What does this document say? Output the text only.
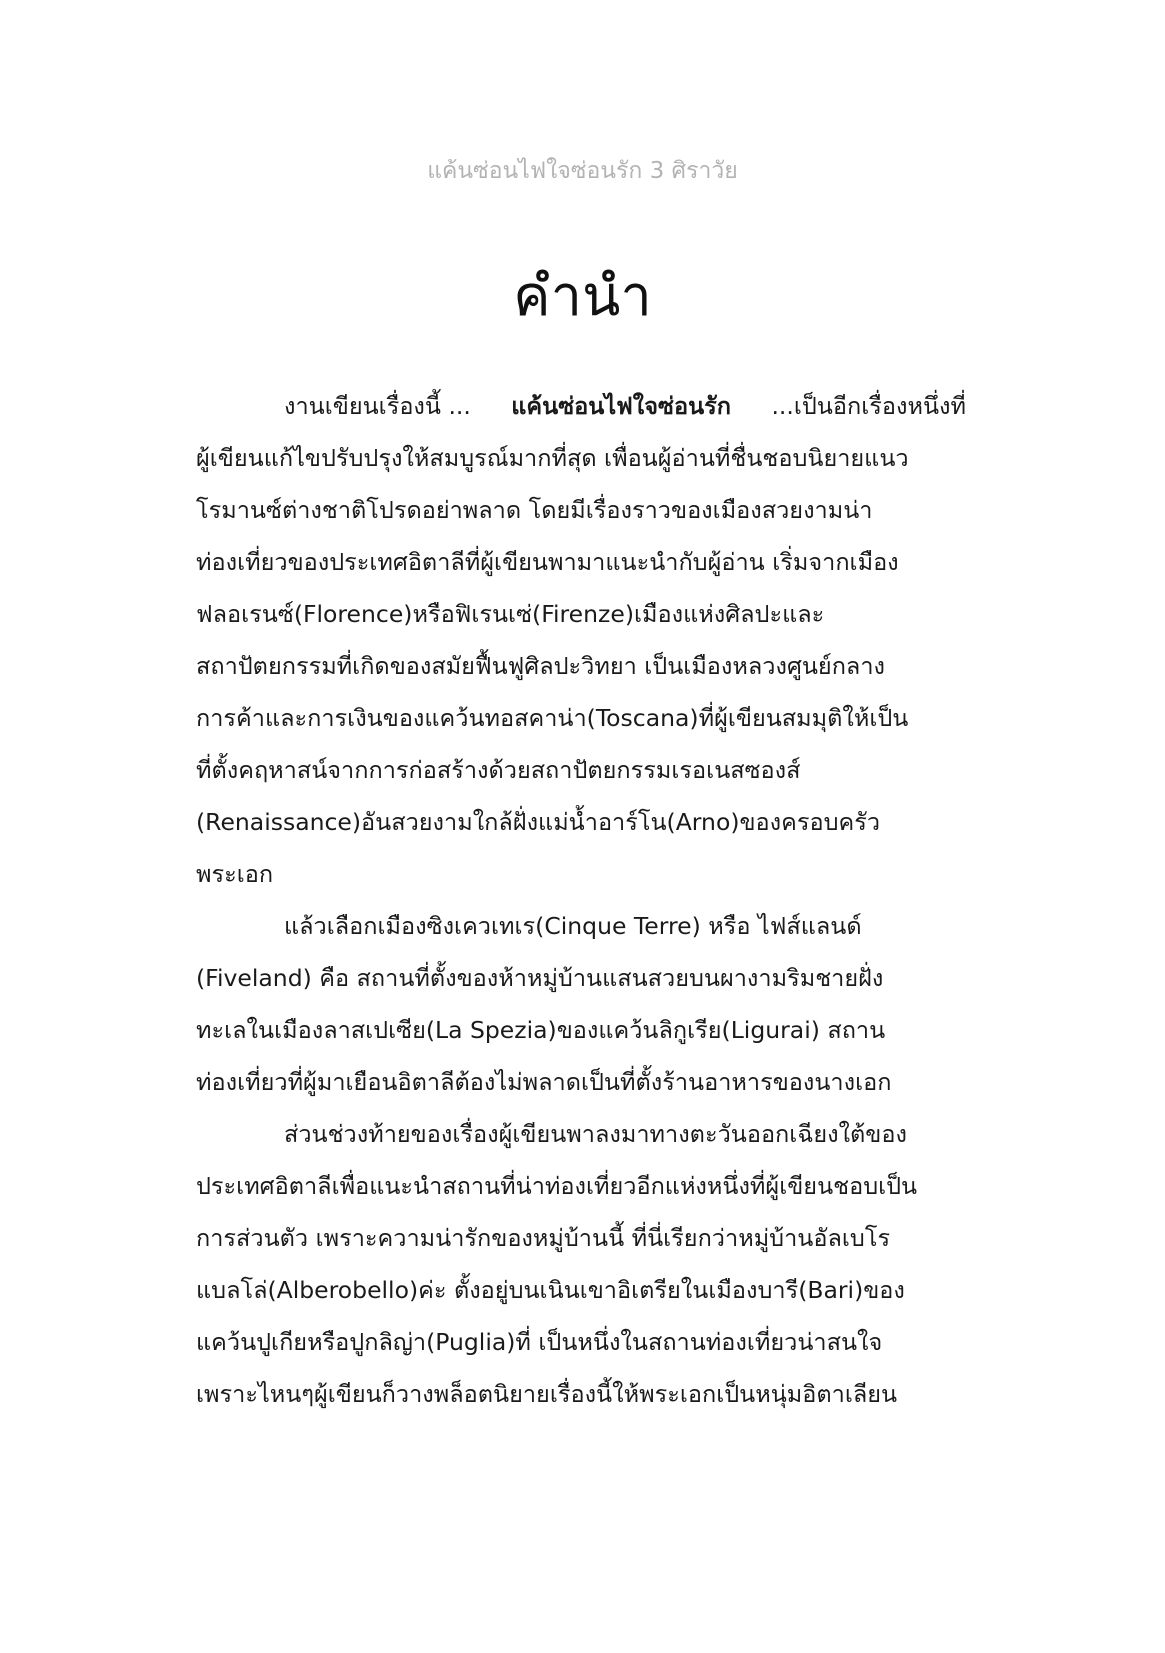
แค้นซ่อนไฟใจซ่อนรัก 3 ศิราวัย
คำนำ
งานเขียนเรื่องนี้ ... แค้นซ่อนไฟใจซ่อนรัก ...เป็นอีกเรื่องหนึ่งที่
ผู้เขียนแก้ไขปรับปรุงให้สมบูรณ์มากที่สุด เพื่อนผู้อ่านที่ชื่นชอบนิยายแนว
โรมานซ์ต่างชาติโปรดอย่าพลาด โดยมีเรื่องราวของเมืองสวยงามน่า
ท่องเที่ยวของประเทศอิตาลีที่ผู้เขียนพามาแนะนำกับผู้อ่าน เริ่มจากเมือง
ฟลอเรนซ์(Florence)หรือฟิเรนเซ่(Firenze)เมืองแห่งศิลปะและ
สถาปัตยกรรมที่เกิดของสมัยฟื้นฟูศิลปะวิทยา เป็นเมืองหลวงศูนย์กลาง
การค้าและการเงินของแคว้นทอสคาน่า(Toscana)ที่ผู้เขียนสมมุติให้เป็น
ที่ตั้งคฤหาสน์จากการก่อสร้างด้วยสถาปัตยกรรมเรอเนสซองส์
(Renaissance)อันสวยงามใกล้ฝั่งแม่น้ำอาร์โน(Arno)ของครอบครัว
พระเอก
แล้วเลือกเมืองซิงเควเทเร(Cinque Terre) หรือ ไฟส์แลนด์
(Fiveland) คือ สถานที่ตั้งของห้าหมู่บ้านแสนสวยบนผางามริมชายฝั่ง
ทะเลในเมืองลาสเปเซีย(La Spezia)ของแคว้นลิกูเรีย(Ligurai) สถาน
ท่องเที่ยวที่ผู้มาเยือนอิตาลีต้องไม่พลาดเป็นที่ตั้งร้านอาหารของนางเอก
ส่วนช่วงท้ายของเรื่องผู้เขียนพาลงมาทางตะวันออกเฉียงใต้ของ
ประเทศอิตาลีเพื่อแนะนำสถานที่น่าท่องเที่ยวอีกแห่งหนึ่งที่ผู้เขียนชอบเป็น
การส่วนตัว เพราะความน่ารักของหมู่บ้านนี้ ที่นี่เรียกว่าหมู่บ้านอัลเบโร
แบลโล่(Alberobello)ค่ะ ตั้งอยู่บนเนินเขาอิเตรียในเมืองบารี(Bari)ของ
แคว้นปูเกียหรือปูกลิญ่า(Puglia)ที่ เป็นหนึ่งในสถานท่องเที่ยวน่าสนใจ
เพราะไหนๆผู้เขียนก็วางพล็อตนิยายเรื่องนี้ให้พระเอกเป็นหนุ่มอิตาเลียน
